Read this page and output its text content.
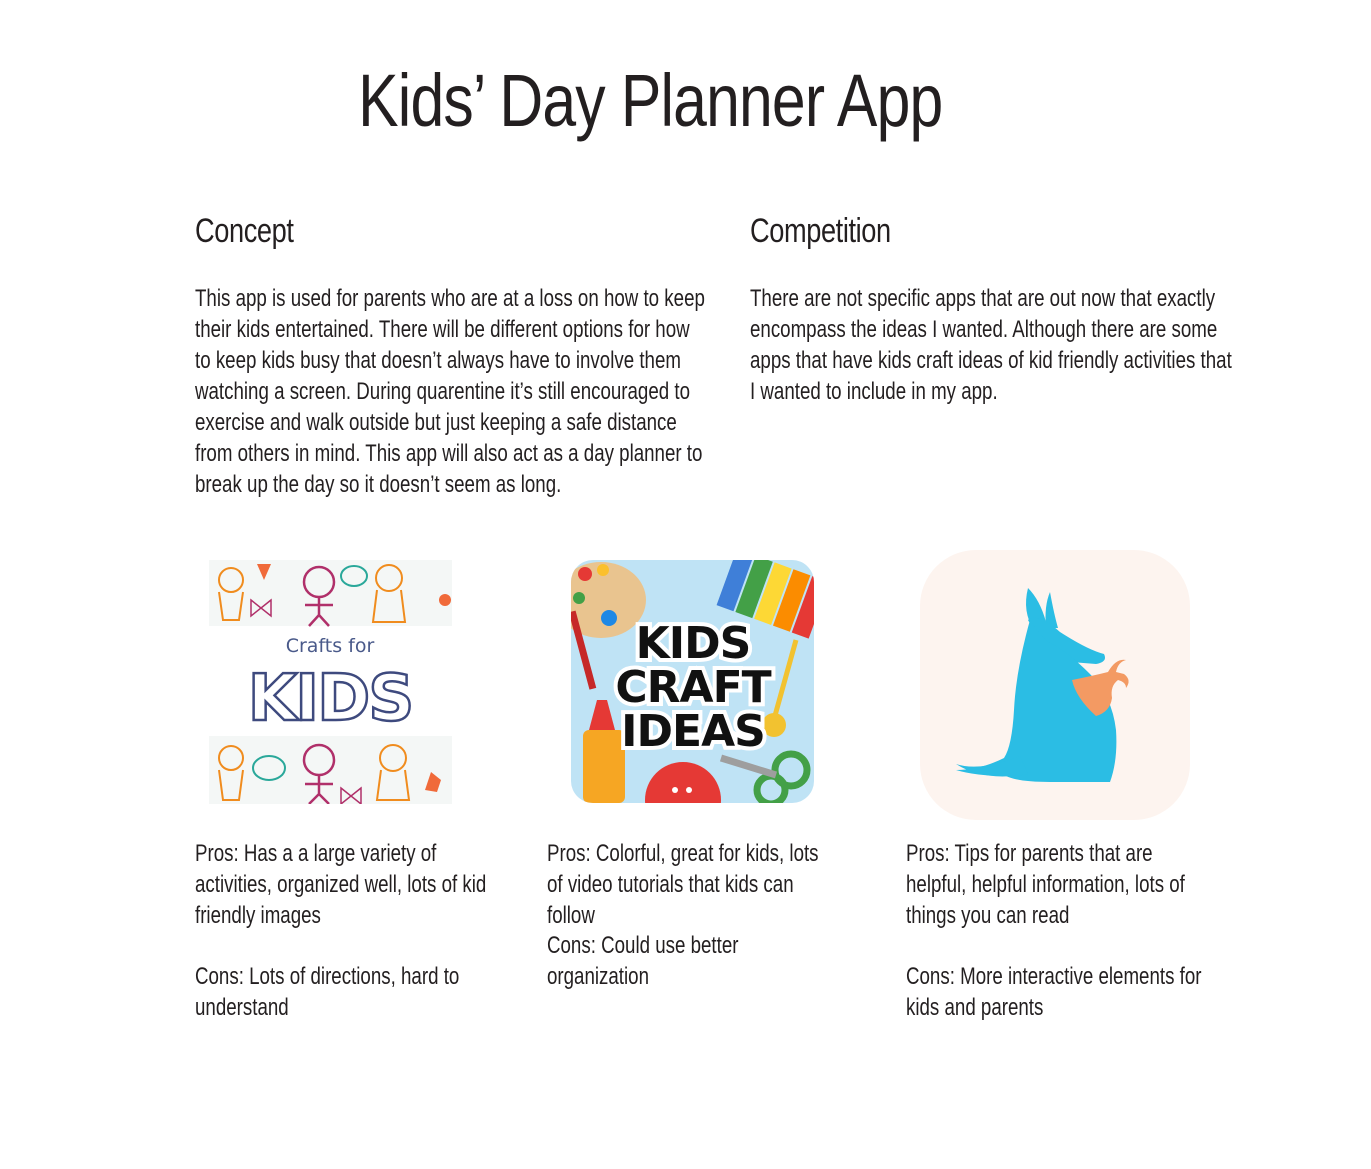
Kids’ Day Planner App
Concept

This app is used for parents who are at a loss on how to keep
their kids entertained. There will be different options for how
to keep kids busy that doesn’t always have to involve them
watching a screen. During quarentine it’s still encouraged to
exercise and walk outside but just keeping a safe distance
from others in mind. This app will also act as a day planner to
break up the day so it doesn’t seem as long.

Competition

There are not specific apps that are out now that exactly
encompass the ideas I wanted. Although there are some
apps that have kids craft ideas of kid friendly activities that
I wanted to include in my app.

Crafts for
KIDS

Pros: Has a a large variety of
activities, organized well, lots of kid
friendly images

Cons: Lots of directions, hard to
understand

KIDS
CRAFT
IDEAS

Pros: Colorful, great for kids, lots
of video tutorials that kids can follow

Cons: Could use better organization

Pros: Tips for parents that are
helpful, helpful information, lots of
things you can read

Cons: More interactive elements for
kids and parents
